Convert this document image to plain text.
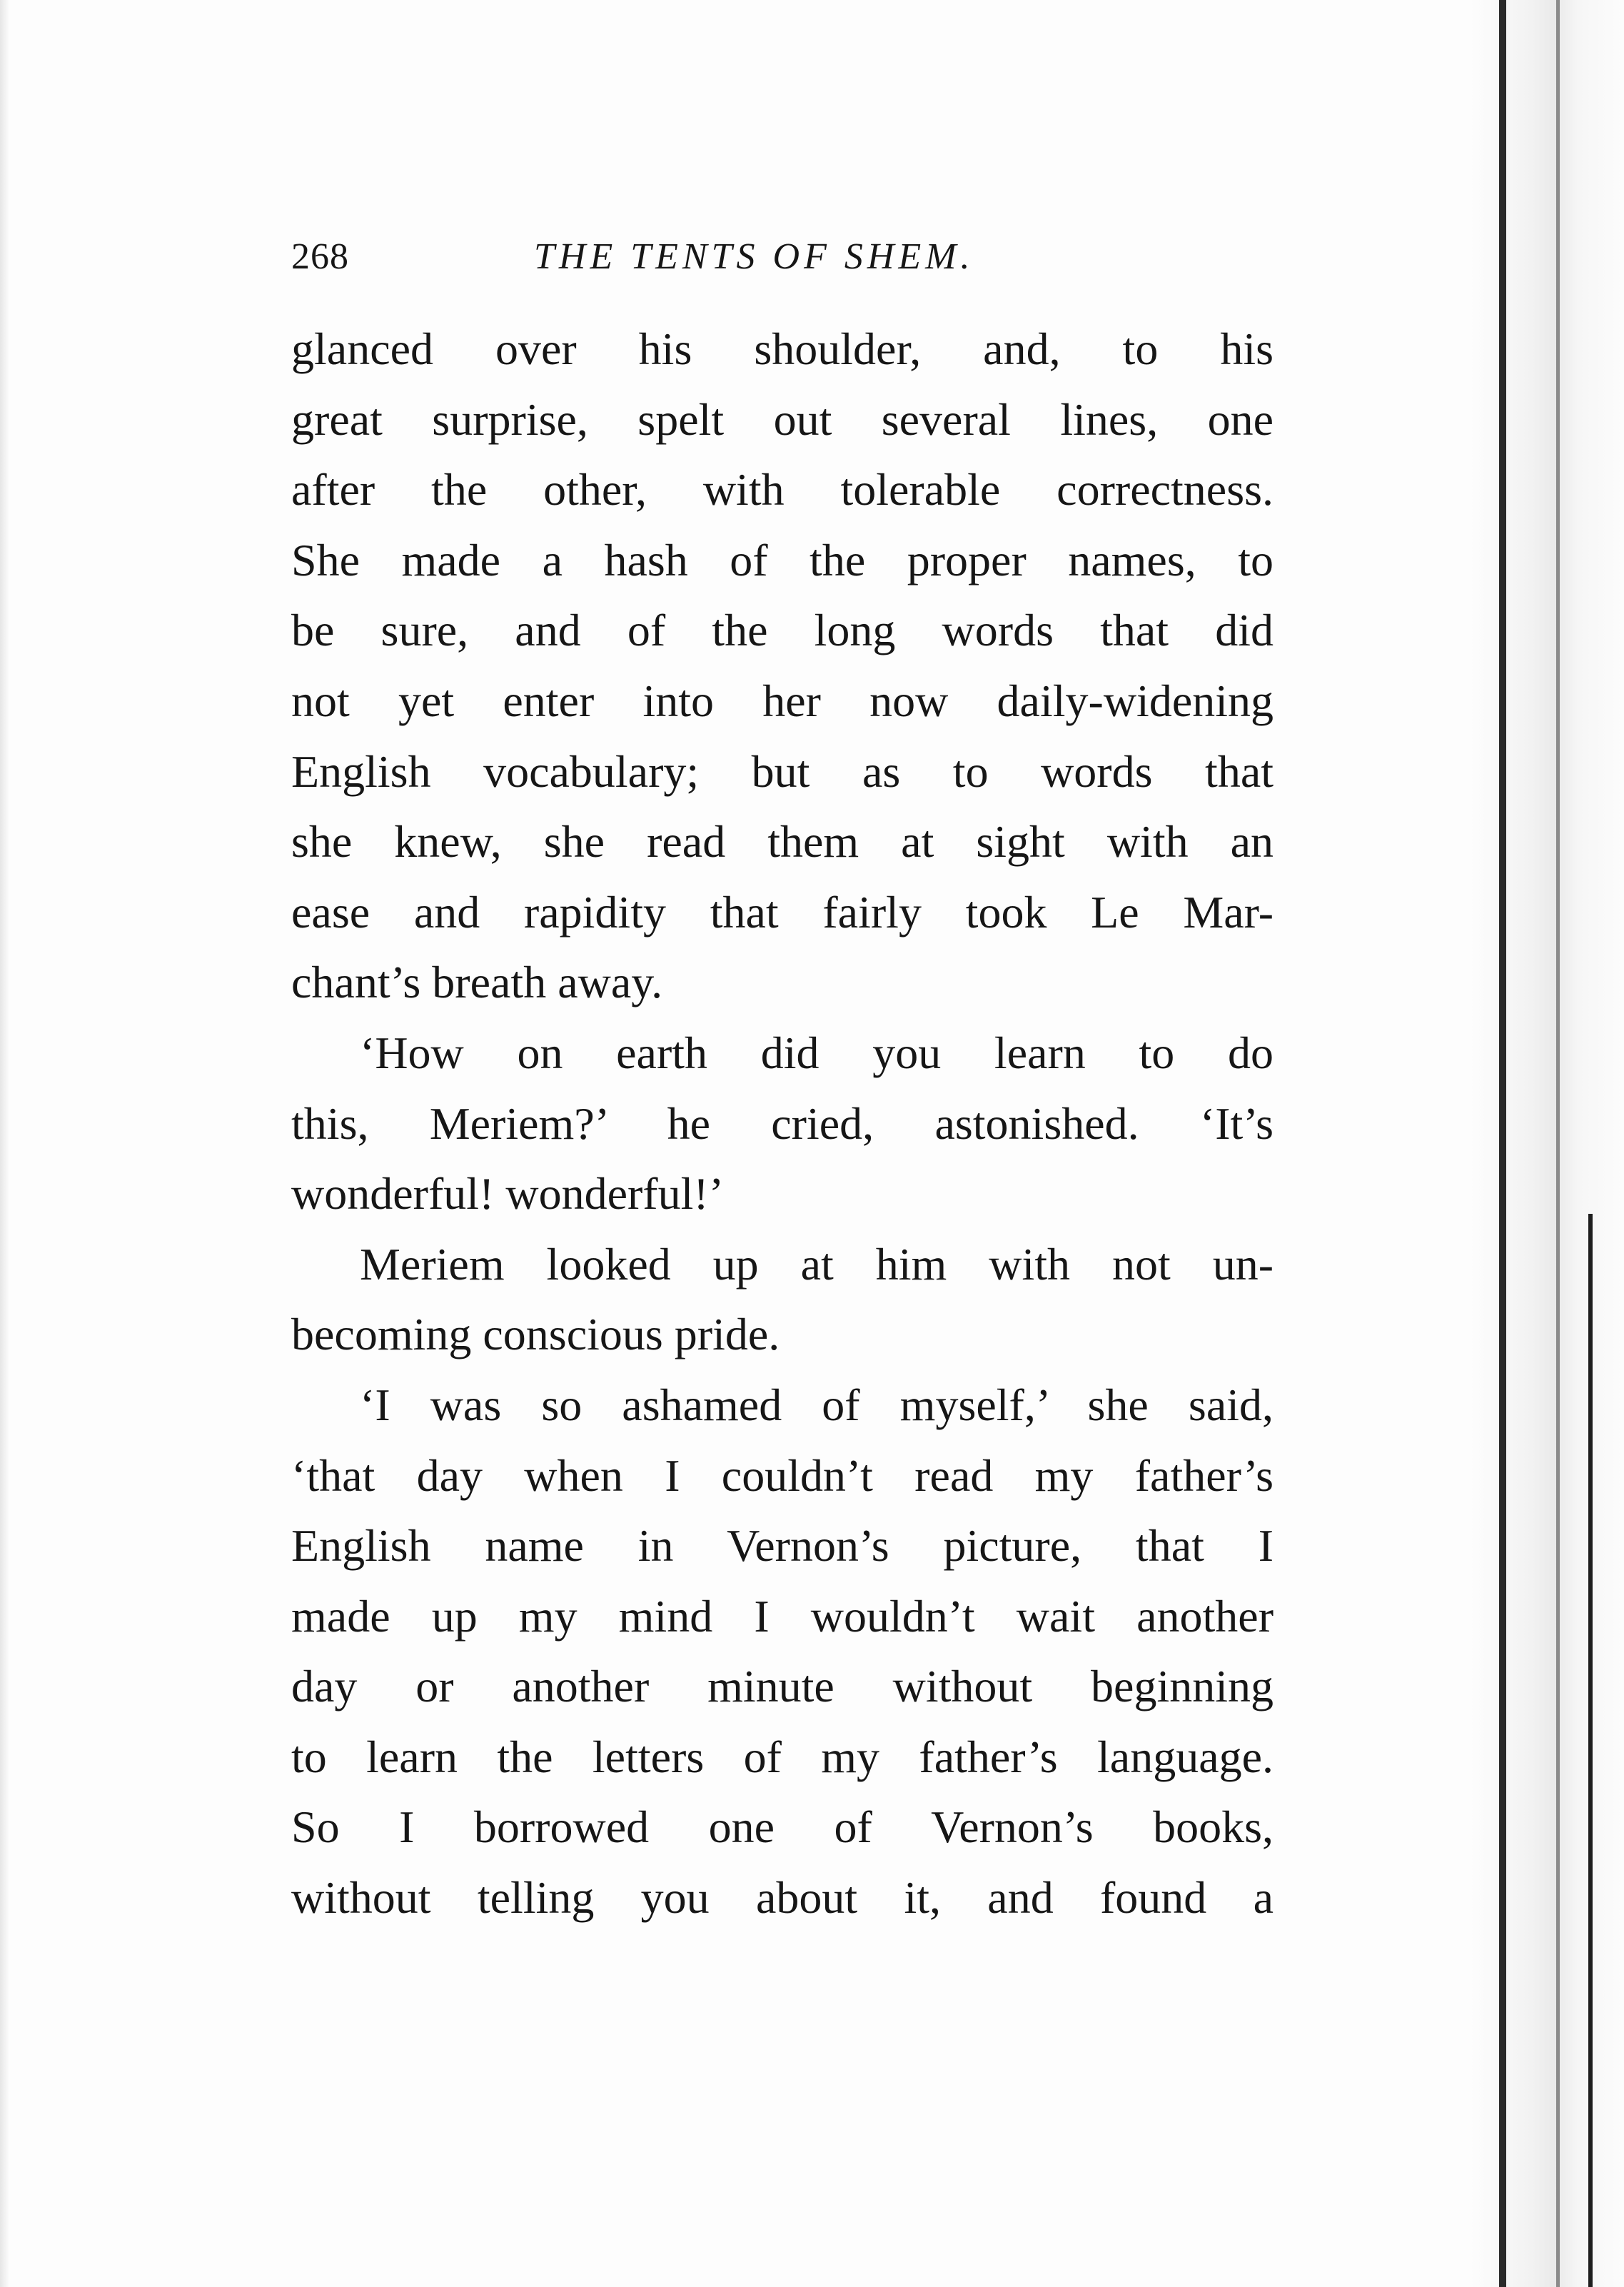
268	THE TENTS OF SHEM.
glanced over his shoulder, and, to his
great surprise, spelt out several lines, one
after the other, with tolerable correctness.
She made a hash of the proper names, to
be sure, and of the long words that did
not yet enter into her now daily-widening
English vocabulary; but as to words that
she knew, she read them at sight with an
ease and rapidity that fairly took Le Mar-
chant’s breath away.
‘How on earth did you learn to do
this, Meriem?’ he cried, astonished. ‘It’s
wonderful! wonderful!’
Meriem looked up at him with not un-
becoming conscious pride.
‘I was so ashamed of myself,’ she said,
‘that day when I couldn’t read my father’s
English name in Vernon’s picture, that I
made up my mind I wouldn’t wait another
day or another minute without beginning
to learn the letters of my father’s language.
So I borrowed one of Vernon’s books,
without telling you about it, and found a
